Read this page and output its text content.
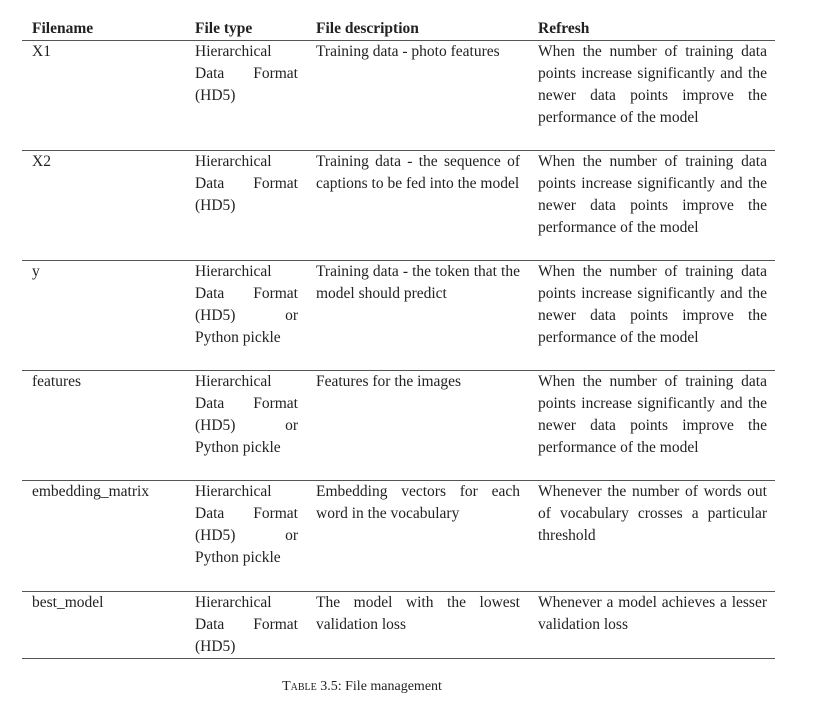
Filename	File type	File description	Refresh
X1	Hierarchical Data Format (HD5)	Training data - photo features	When the number of training data points increase significantly and the newer data points improve the performance of the model
X2	Hierarchical Data Format (HD5)	Training data - the sequence of captions to be fed into the model	When the number of training data points increase significantly and the newer data points improve the performance of the model
y	Hierarchical Data Format (HD5) or Python pickle	Training data - the token that the model should predict	When the number of training data points increase significantly and the newer data points improve the performance of the model
features	Hierarchical Data Format (HD5) or Python pickle	Features for the images	When the number of training data points increase significantly and the newer data points improve the performance of the model
embedding_matrix	Hierarchical Data Format (HD5) or Python pickle	Embedding vectors for each word in the vocabulary	Whenever the number of words out of vocabulary crosses a particular threshold
best_model	Hierarchical Data Format (HD5)	The model with the lowest validation loss	Whenever a model achieves a lesser validation loss
Table 3.5: File management
